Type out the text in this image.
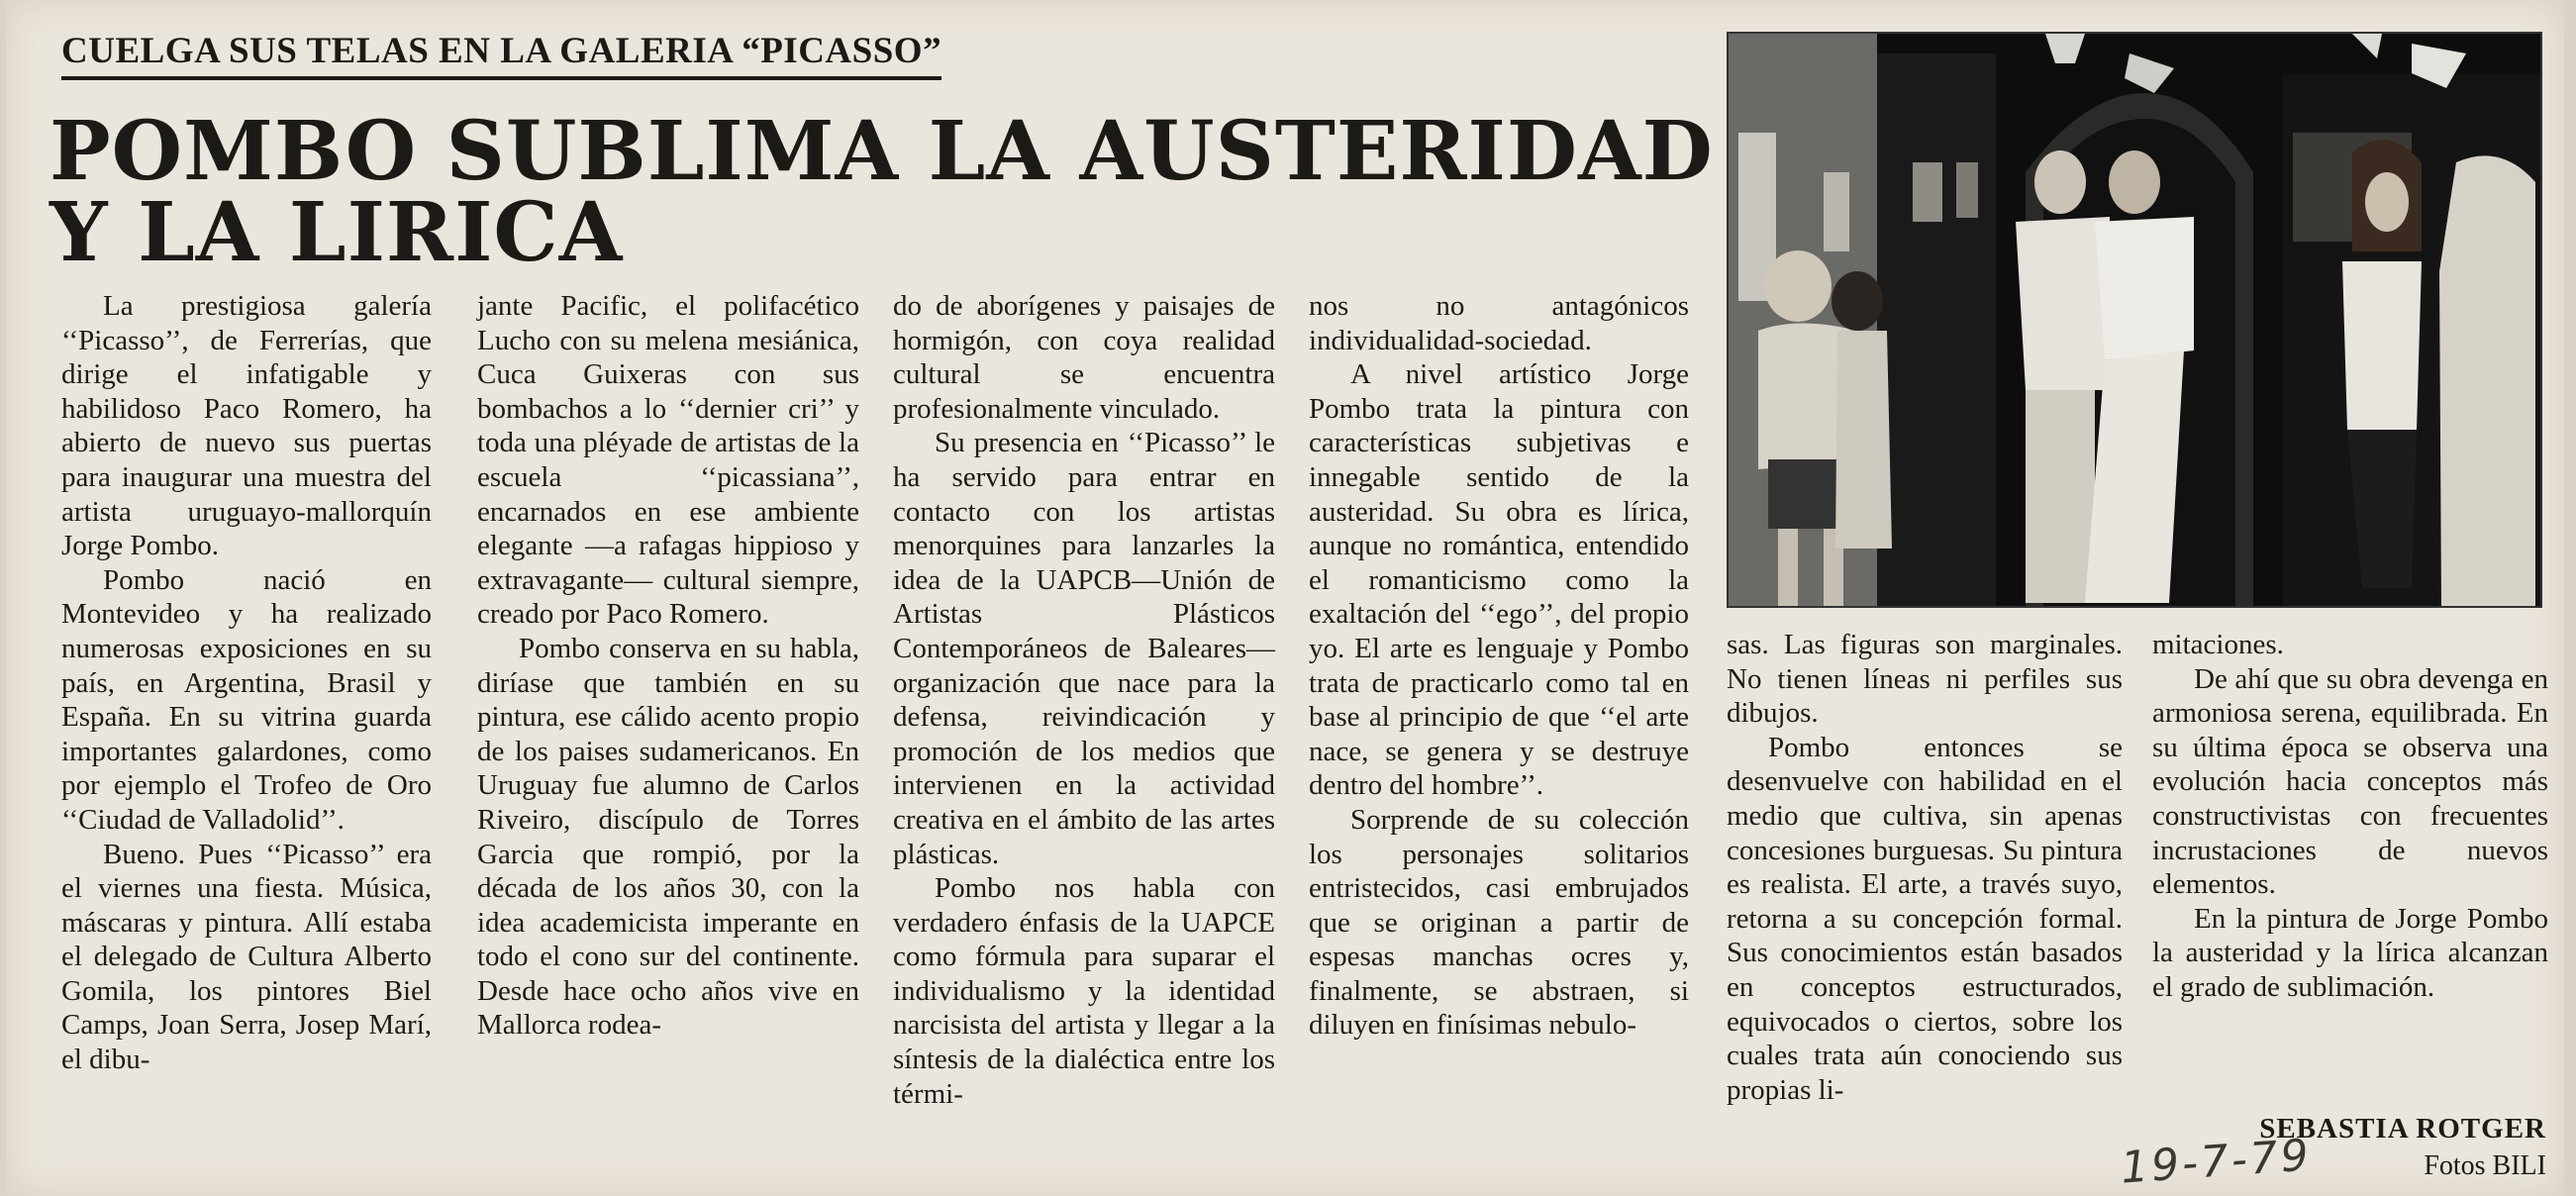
CUELGA SUS TELAS EN LA GALERIA “PICASSO”
POMBO SUBLIMA LA AUSTERIDAD
Y LA LIRICA

La prestigiosa galería ‘‘Picasso’’, de Ferrerías, que dirige el infatigable y habilidoso Paco Romero, ha abierto de nuevo sus puertas para inaugurar una muestra del artista uruguayo-mallorquín Jorge Pombo.

Pombo nació en Montevideo y ha realizado numerosas exposiciones en su país, en Argentina, Brasil y España. En su vitrina guarda importantes galardones, como por ejemplo el Trofeo de Oro ‘‘Ciudad de Valladolid’’.

Bueno. Pues ‘‘Picasso’’ era el viernes una fiesta. Música, máscaras y pintura. Allí estaba el delegado de Cultura Alberto Gomila, los pintores Biel Camps, Joan Serra, Josep Marí, el dibu-

jante Pacific, el polifacético Lucho con su melena mesiánica, Cuca Guixeras con sus bombachos a lo ‘‘dernier cri’’ y toda una pléyade de artistas de la escuela ‘‘picassiana’’, encarnados en ese ambiente elegante —a rafagas hippioso y extravagante— cultural siempre, creado por Paco Romero.

Pombo conserva en su habla, diríase que también en su pintura, ese cálido acento propio de los paises sudamericanos. En Uruguay fue alumno de Carlos Riveiro, discípulo de Torres Garcia que rompió, por la década de los años 30, con la idea academicista imperante en todo el cono sur del continente. Desde hace ocho años vive en Mallorca rodea-

do de aborígenes y paisajes de hormigón, con coya realidad cultural se encuentra profesionalmente vinculado.

Su presencia en ‘‘Picasso’’ le ha servido para entrar en contacto con los artistas menorquines para lanzarles la idea de la UAPCB—Unión de Artistas Plásticos Contemporáneos de Baleares— organización que nace para la defensa, reivindicación y promoción de los medios que intervienen en la actividad creativa en el ámbito de las artes plásticas.

Pombo nos habla con verdadero énfasis de la UAPCE como fórmula para suparar el individualismo y la identidad narcisista del artista y llegar a la síntesis de la dialéctica entre los térmi-

nos no antagónicos individualidad-sociedad.

A nivel artístico Jorge Pombo trata la pintura con características subjetivas e innegable sentido de la austeridad. Su obra es lírica, aunque no romántica, entendido el romanticismo como la exaltación del ‘‘ego’’, del propio yo. El arte es lenguaje y Pombo trata de practicarlo como tal en base al principio de que ‘‘el arte nace, se genera y se destruye dentro del hombre’’.

Sorprende de su colección los personajes solitarios entristecidos, casi embrujados que se originan a partir de espesas manchas ocres y, finalmente, se abstraen, si diluyen en finísimas nebulo-

sas. Las figuras son marginales. No tienen líneas ni perfiles sus dibujos.

Pombo entonces se desenvuelve con habilidad en el medio que cultiva, sin apenas concesiones burguesas. Su pintura es realista. El arte, a través suyo, retorna a su concepción formal. Sus conocimientos están basados en conceptos estructurados, equivocados o ciertos, sobre los cuales trata aún conociendo sus propias li-

mitaciones.

De ahí que su obra devenga en armoniosa serena, equilibrada. En su última época se observa una evolución hacia conceptos más constructivistas con frecuentes incrustaciones de nuevos elementos.

En la pintura de Jorge Pombo la austeridad y la lírica alcanzan el grado de sublimación.

19-7-79
SEBASTIA ROTGER
Fotos BILI
